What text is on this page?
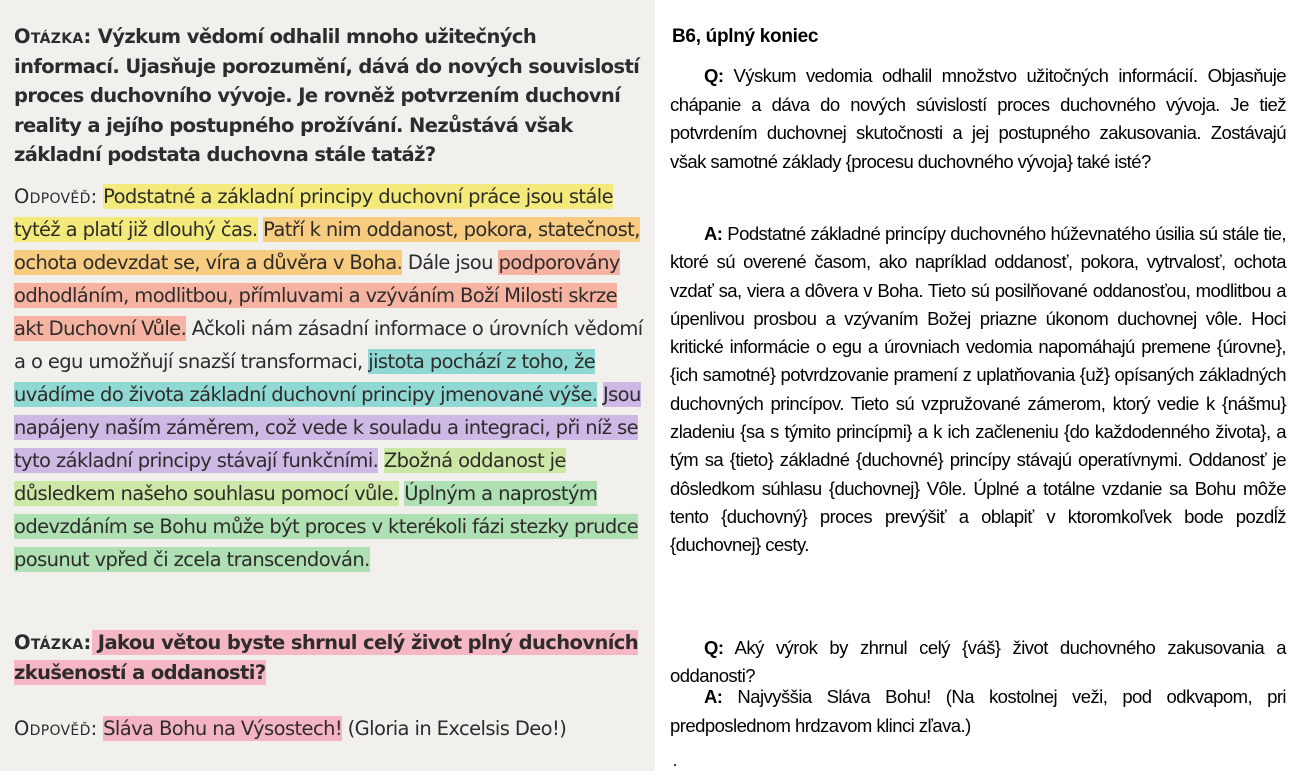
Otázka: Výzkum vědomí odhalil mnoho užitečných informací. Ujasňuje porozumění, dává do nových souvislostí proces duchovního vývoje. Je rovněž potvrzením duchovní reality a jejího postupného prožívání. Nezůstává však základní podstata duchovna stále tatáž?
Odpověď: Podstatné a základní principy duchovní práce jsou stále tytéž a platí již dlouhý čas. Patří k nim oddanost, pokora, statečnost, ochota odevzdat se, víra a důvěra v Boha. Dále jsou podporovány odhodláním, modlitbou, přímluvami a vzýváním Boží Milosti skrze akt Duchovní Vůle. Ačkoli nám zásadní informace o úrovních vědomí a o egu umožňují snazší transformaci, jistota pochází z toho, že uvádíme do života základní duchovní principy jmenované výše. Jsou napájeny naším záměrem, což vede k souladu a integraci, při níž se tyto základní principy stávají funkčními. Zbožná oddanost je důsledkem našeho souhlasu pomocí vůle. Úplným a naprostým odevzdáním se Bohu může být proces v kterékoli fázi stezky prudce posunut vpřed či zcela transcendován.
Otázka: Jakou větou byste shrnul celý život plný duchovních zkušeností a oddanosti?
Odpověď: Sláva Bohu na Výsostech! (Gloria in Excelsis Deo!)
B6, úplný koniec

Q: Výskum vedomia odhalil množstvo užitočných informácií. Objasňuje chápanie a dáva do nových súvislostí proces duchovného vývoja. Je tiež potvrdením duchovnej skutočnosti a jej postupného zakusovania. Zostávajú však samotné základy {procesu duchovného vývoja} také isté?

A: Podstatné základné princípy duchovného húževnatého úsilia sú stále tie, ktoré sú overené časom, ako napríklad oddanosť, pokora, vytrvalosť, ochota vzdať sa, viera a dôvera v Boha. Tieto sú posilňované oddanosťou, modlitbou a úpenlivou prosbou a vzývaním Božej priazne úkonom duchovnej vôle. Hoci kritické informácie o egu a úrovniach vedomia napomáhajú premene {úrovne}, {ich samotné} potvrdzovanie pramení z uplatňovania {už} opísaných základných duchovných princípov. Tieto sú vzpružované zámerom, ktorý vedie k {nášmu} zladeniu {sa s týmito princípmi} a k ich začleneniu {do každodenného života}, a tým sa {tieto} základné {duchovné} princípy stávajú operatívnymi. Oddanosť je dôsledkom súhlasu {duchovnej} Vôle. Úplné a totálne vzdanie sa Bohu môže tento {duchovný} proces prevýšiť a oblapiť v ktoromkoľvek bode pozdĺž {duchovnej} cesty.

Q: Aký výrok by zhrnul celý {váš} život duchovného zakusovania a oddanosti?

A: Najvyššia Sláva Bohu! (Na kostolnej veži, pod odkvapom, pri predposlednom hrdzavom klinci zľava.)
